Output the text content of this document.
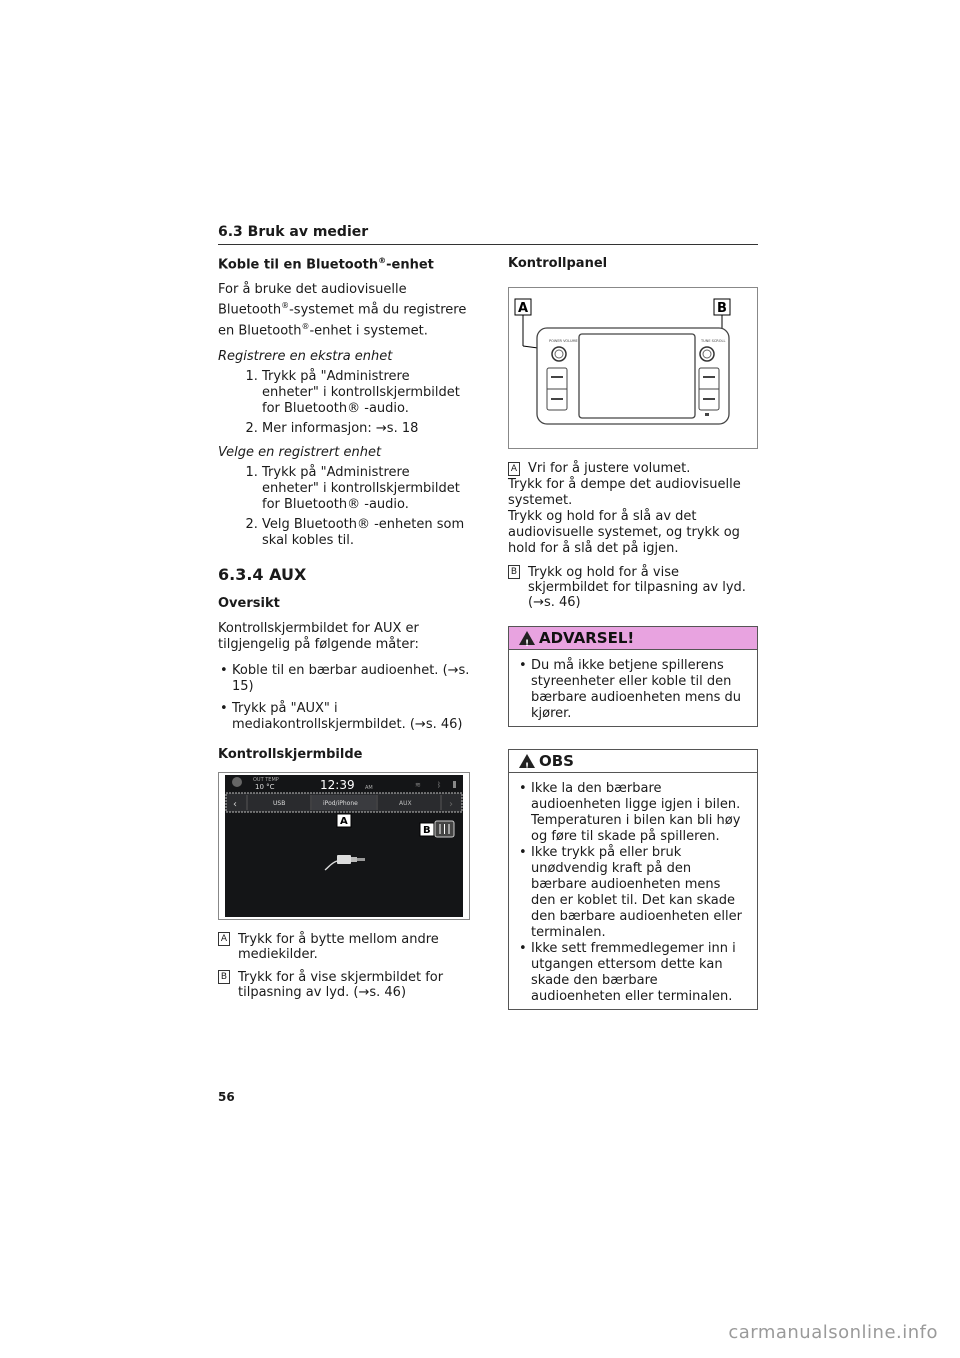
6.3 Bruk av medier
Koble til en Bluetooth®-enhet

For å bruke det audiovisuelle Bluetooth®-systemet må du registrere en Bluetooth®-enhet i systemet.

Registrere en ekstra enhet
1. Trykk på "Administrere enheter" i kontrollskjermbildet for Bluetooth® -audio.
2. Mer informasjon: →s. 18
Velge en registrert enhet
1. Trykk på "Administrere enheter" i kontrollskjermbildet for Bluetooth® -audio.
2. Velg Bluetooth® -enheten som skal kobles til.
6.3.4 AUX
Oversikt

Kontrollskjermbildet for AUX er tilgjengelig på følgende måter:

• Koble til en bærbar audioenhet. (→s. 15)
• Trykk på "AUX" i mediakontrollskjermbildet. (→s. 46)
Kontrollskjermbilde
OUT TEMP
10 °C	12:39 AM	≋ ᛒ
‹	USB	iPod/iPhone	AUX	›
A
B
A Trykk for å bytte mellom andre mediekilder.
B Trykk for å vise skjermbildet for tilpasning av lyd. (→s. 46)
Kontrollpanel
A	B
POWER VOLUME	TUNE SCROLL
A Vri for å justere volumet.
Trykk for å dempe det audiovisuelle systemet.
Trykk og hold for å slå av det audiovisuelle systemet, og trykk og hold for å slå det på igjen.
B Trykk og hold for å vise skjermbildet for tilpasning av lyd. (→s. 46)
!ADVARSEL!
• Du må ikke betjene spillerens styreenheter eller koble til den bærbare audioenheten mens du kjører.
!OBS
• Ikke la den bærbare audioenheten ligge igjen i bilen. Temperaturen i bilen kan bli høy og føre til skade på spilleren.
• Ikke trykk på eller bruk unødvendig kraft på den bærbare audioenheten mens den er koblet til. Det kan skade den bærbare audioenheten eller terminalen.
• Ikke sett fremmedlegemer inn i utgangen ettersom dette kan skade den bærbare audioenheten eller terminalen.
56
carmanualsonline.info
